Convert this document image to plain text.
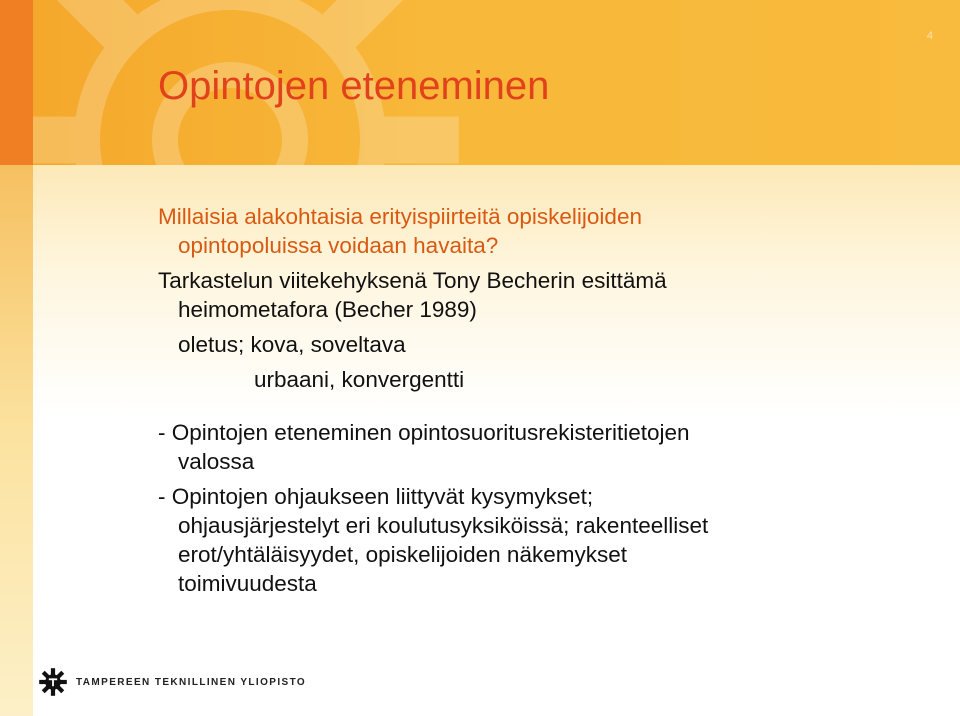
4
Opintojen eteneminen

Millaisia alakohtaisia erityispiirteitä opiskelijoiden

opintopoluissa voidaan havaita?

Tarkastelun viitekehyksenä Tony Becherin esittämä

heimometafora (Becher 1989)

oletus; kova, soveltava

urbaani, konvergentti

- Opintojen eteneminen opintosuoritusrekisteritietojen

valossa

- Opintojen ohjaukseen liittyvät kysymykset;

ohjausjärjestelyt eri koulutusyksiköissä; rakenteelliset

erot/yhtäläisyydet, opiskelijoiden näkemykset

toimivuudesta

TAMPEREEN TEKNILLINEN YLIOPISTO
